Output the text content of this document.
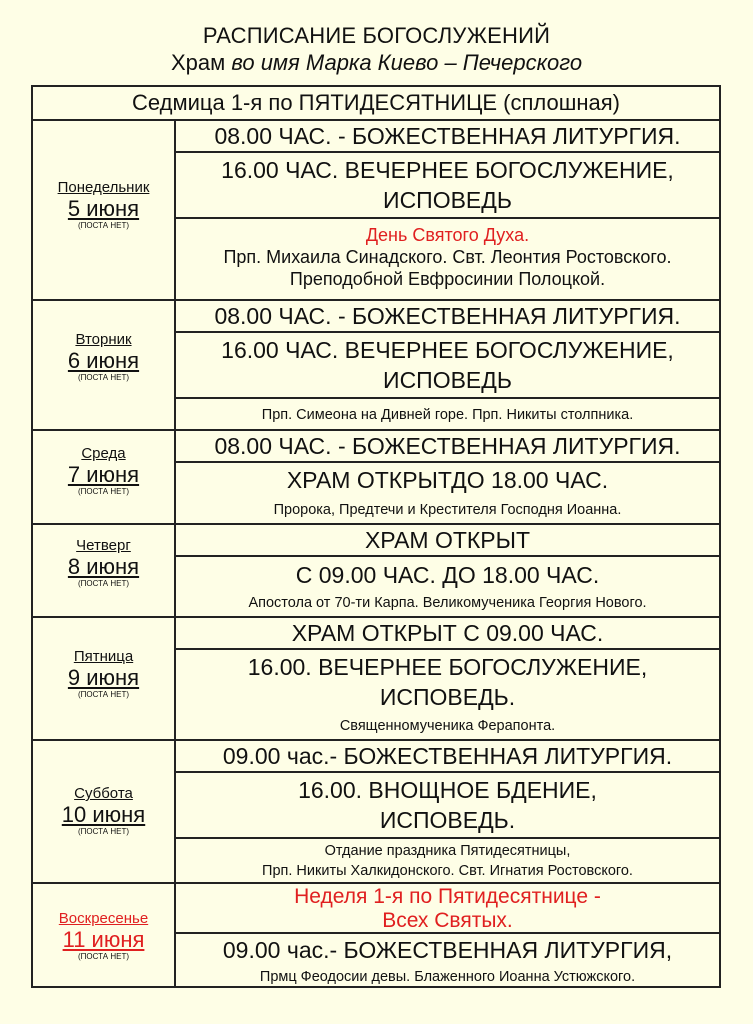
РАСПИСАНИЕ БОГОСЛУЖЕНИЙ
Храм во имя Марка Киево – Печерского
Седмица 1-я по ПЯТИДЕСЯТНИЦЕ (сплошная)
Понедельник
5 июня
(ПОСТА НЕТ)
08.00 ЧАС. - БОЖЕСТВЕННАЯ ЛИТУРГИЯ.
16.00 ЧАС. ВЕЧЕРНЕЕ БОГОСЛУЖЕНИЕ,
ИСПОВЕДЬ
День Святого Духа.
Прп. Михаила Синадского. Свт. Леонтия Ростовского.
Преподобной Евфросинии Полоцкой.
Вторник
6 июня
(ПОСТА НЕТ)
08.00 ЧАС. - БОЖЕСТВЕННАЯ ЛИТУРГИЯ.
16.00 ЧАС. ВЕЧЕРНЕЕ БОГОСЛУЖЕНИЕ,
ИСПОВЕДЬ
Прп. Симеона на Дивней горе. Прп. Никиты столпника.
Среда
7 июня
(ПОСТА НЕТ)
08.00 ЧАС. - БОЖЕСТВЕННАЯ ЛИТУРГИЯ.
ХРАМ ОТКРЫТДО 18.00 ЧАС.
Пророка, Предтечи и Крестителя Господня Иоанна.
Четверг
8 июня
(ПОСТА НЕТ)
ХРАМ ОТКРЫТ
С 09.00 ЧАС. ДО 18.00 ЧАС.
Апостола от 70-ти Карпа. Великомученика Георгия Нового.
Пятница
9 июня
(ПОСТА НЕТ)
ХРАМ ОТКРЫТ С 09.00 ЧАС.
16.00. ВЕЧЕРНЕЕ БОГОСЛУЖЕНИЕ,
ИСПОВЕДЬ.
Священномученика Ферапонта.
Суббота
10 июня
(ПОСТА НЕТ)
09.00 час.- БОЖЕСТВЕННАЯ ЛИТУРГИЯ.
16.00. ВНОЩНОЕ БДЕНИЕ,
ИСПОВЕДЬ.
Отдание праздника Пятидесятницы,
Прп. Никиты Халкидонского. Свт. Игнатия Ростовского.
Воскресенье
11 июня
(ПОСТА НЕТ)
Неделя 1-я по Пятидесятнице -
Всех Святых.
09.00 час.- БОЖЕСТВЕННАЯ ЛИТУРГИЯ,
Прмц Феодосии девы. Блаженного Иоанна Устюжского.
